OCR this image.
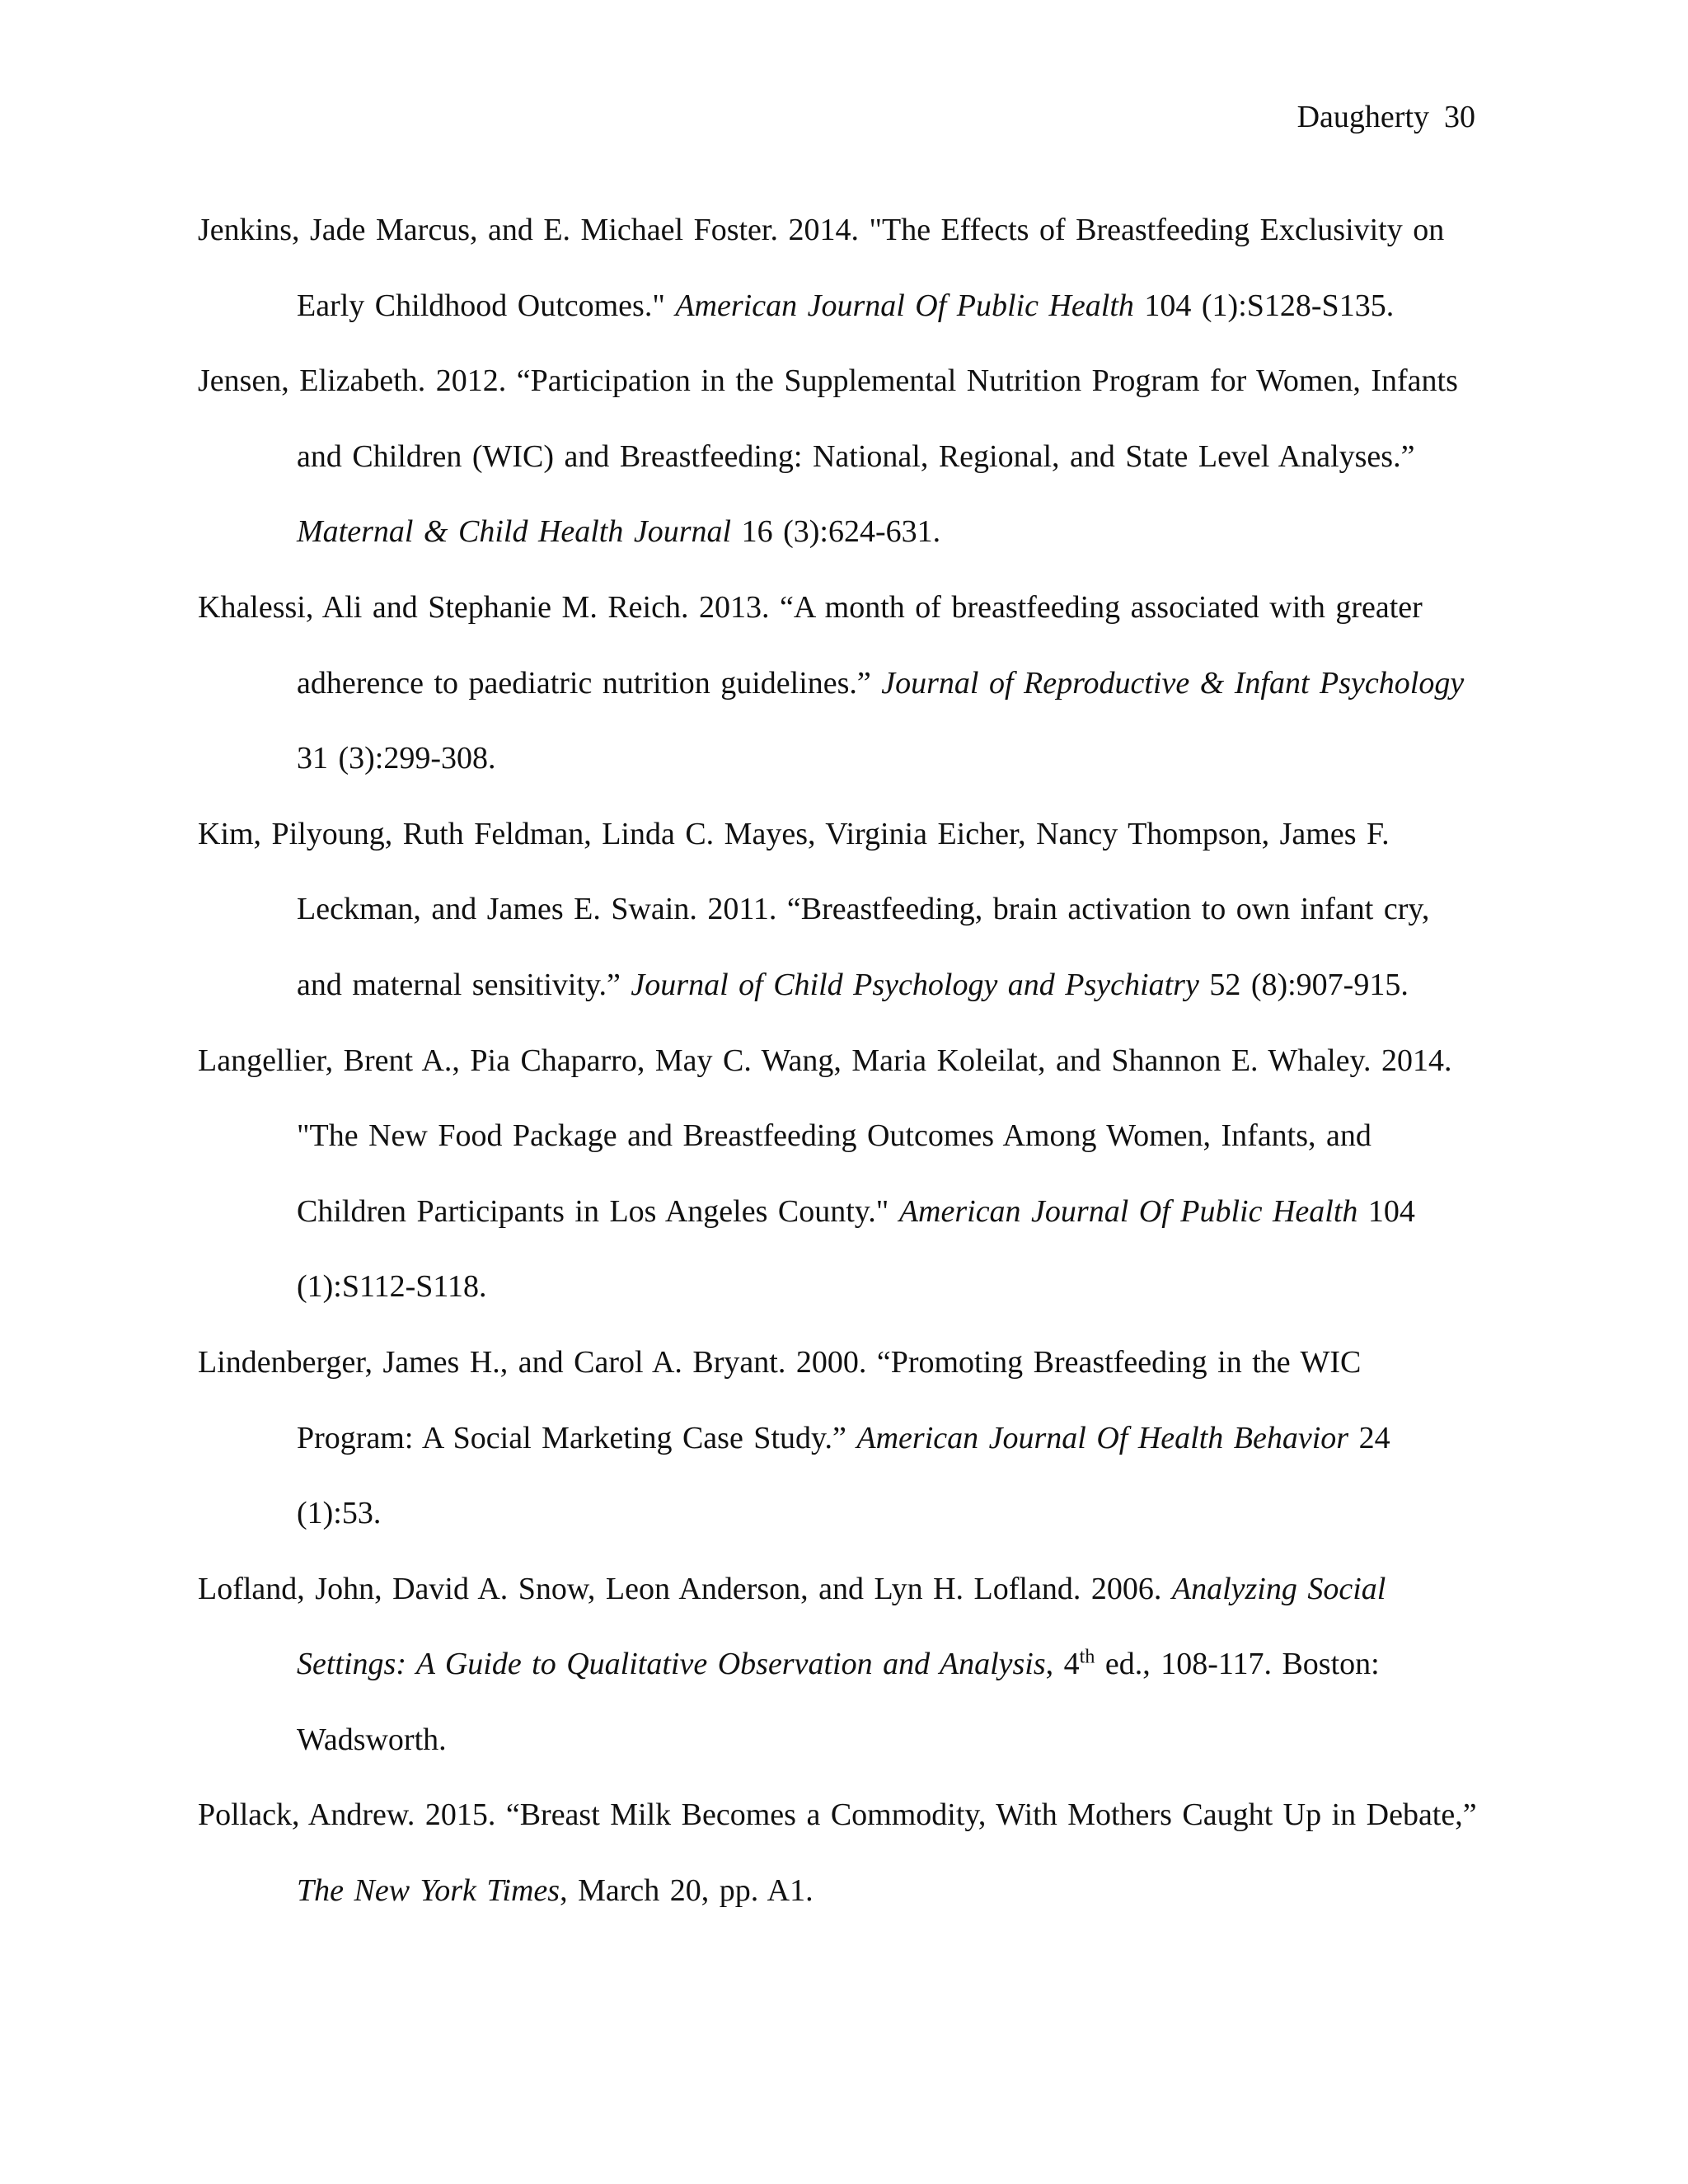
Daugherty 30
Jenkins, Jade Marcus, and E. Michael Foster. 2014. "The Effects of Breastfeeding Exclusivity on Early Childhood Outcomes." American Journal Of Public Health 104 (1):S128-S135.
Jensen, Elizabeth. 2012. “Participation in the Supplemental Nutrition Program for Women, Infants and Children (WIC) and Breastfeeding: National, Regional, and State Level Analyses.” Maternal & Child Health Journal 16 (3):624-631.
Khalessi, Ali and Stephanie M. Reich. 2013. “A month of breastfeeding associated with greater adherence to paediatric nutrition guidelines.” Journal of Reproductive & Infant Psychology 31 (3):299-308.
Kim, Pilyoung, Ruth Feldman, Linda C. Mayes, Virginia Eicher, Nancy Thompson, James F. Leckman, and James E. Swain. 2011. “Breastfeeding, brain activation to own infant cry, and maternal sensitivity.” Journal of Child Psychology and Psychiatry 52 (8):907-915.
Langellier, Brent A., Pia Chaparro, May C. Wang, Maria Koleilat, and Shannon E. Whaley. 2014. "The New Food Package and Breastfeeding Outcomes Among Women, Infants, and Children Participants in Los Angeles County." American Journal Of Public Health 104 (1):S112-S118.
Lindenberger, James H., and Carol A. Bryant. 2000. “Promoting Breastfeeding in the WIC Program: A Social Marketing Case Study.” American Journal Of Health Behavior 24 (1):53.
Lofland, John, David A. Snow, Leon Anderson, and Lyn H. Lofland. 2006. Analyzing Social Settings: A Guide to Qualitative Observation and Analysis, 4th ed., 108-117. Boston: Wadsworth.
Pollack, Andrew. 2015. “Breast Milk Becomes a Commodity, With Mothers Caught Up in Debate,” The New York Times, March 20, pp. A1.
